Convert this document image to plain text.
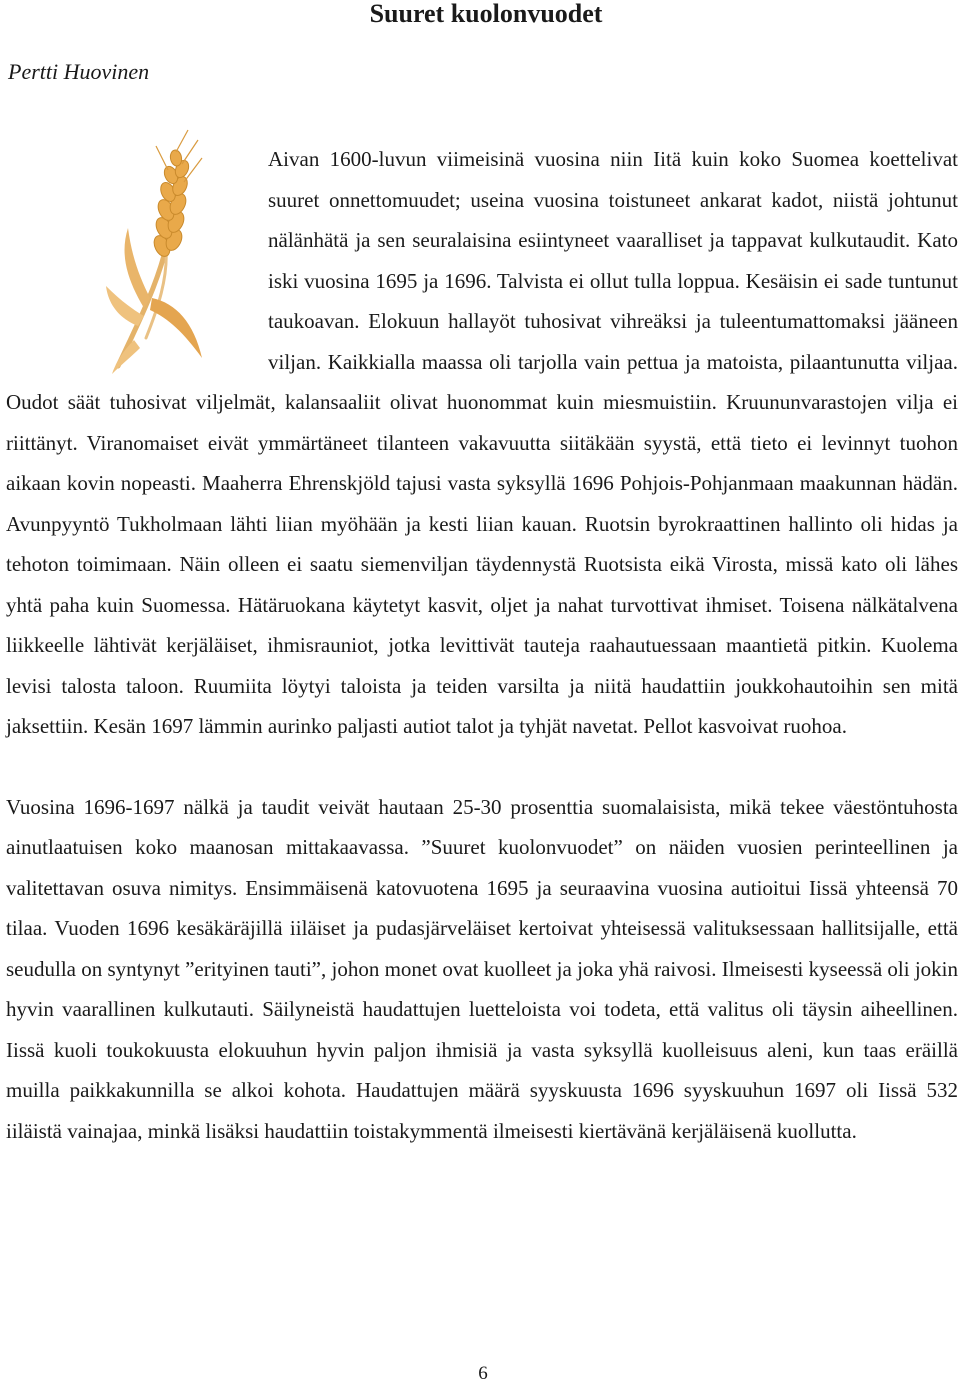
Suuret kuolonvuodet
Pertti Huovinen

Aivan 1600-luvun viimeisinä vuosina niin Iitä kuin koko Suomea koettelivat suuret onnettomuudet; useina vuosina toistuneet ankarat kadot, niistä johtunut nälänhätä ja sen seuralaisina esiintyneet vaaralliset ja tappavat kulkutaudit. Kato iski vuosina 1695 ja 1696. Talvista ei ollut tulla loppua. Kesäisin ei sade tuntunut taukoavan. Elokuun hallayöt tuhosivat vihreäksi ja tuleentumattomaksi jääneen viljan. Kaikkialla maassa oli tarjolla vain pettua ja matoista, pilaantunutta viljaa. Oudot säät tuhosivat viljelmät, kalansaaliit olivat huonommat kuin miesmuistiin. Kruununvarastojen vilja ei riittänyt. Viranomaiset eivät ymmärtäneet tilanteen vakavuutta siitäkään syystä, että tieto ei levinnyt tuohon aikaan kovin nopeasti. Maaherra Ehrenskjöld tajusi vasta syksyllä 1696 Pohjois-Pohjanmaan maakunnan hädän. Avunpyyntö Tukholmaan lähti liian myöhään ja kesti liian kauan. Ruotsin byrokraattinen hallinto oli hidas ja tehoton toimimaan. Näin olleen ei saatu siemenviljan täydennystä Ruotsista eikä Virosta, missä kato oli lähes yhtä paha kuin Suomessa. Hätäruokana käytetyt kasvit, oljet ja nahat turvottivat ihmiset. Toisena nälkätalvena liikkeelle lähtivät kerjäläiset, ihmisrauniot, jotka levittivät tauteja raahautuessaan maantietä pitkin. Kuolema levisi talosta taloon. Ruumiita löytyi taloista ja teiden varsilta ja niitä haudattiin joukkohautoihin sen mitä jaksettiin. Kesän 1697 lämmin aurinko paljasti autiot talot ja tyhjät navetat. Pellot kasvoivat ruohoa.

Vuosina 1696-1697 nälkä ja taudit veivät hautaan 25-30 prosenttia suomalaisista, mikä tekee väestöntuhosta ainutlaatuisen koko maanosan mittakaavassa. ”Suuret kuolonvuodet” on näiden vuosien perinteellinen ja valitettavan osuva nimitys. Ensimmäisenä katovuotena 1695 ja seuraavina vuosina autioitui Iissä yhteensä 70 tilaa. Vuoden 1696 kesäkäräjillä iiläiset ja pudasjärveläiset kertoivat yhteisessä valituksessaan hallitsijalle, että seudulla on syntynyt ”erityinen tauti”, johon monet ovat kuolleet ja joka yhä raivosi. Ilmeisesti kyseessä oli jokin hyvin vaarallinen kulkutauti. Säilyneistä haudattujen luetteloista voi todeta, että valitus oli täysin aiheellinen. Iissä kuoli toukokuusta elokuuhun hyvin paljon ihmisiä ja vasta syksyllä kuolleisuus aleni, kun taas eräillä muilla paikkakunnilla se alkoi kohota. Haudattujen määrä syyskuusta 1696 syyskuuhun 1697 oli Iissä 532 iiläistä vainajaa, minkä lisäksi haudattiin toistakymmentä ilmeisesti kiertävänä kerjäläisenä kuollutta.

6
